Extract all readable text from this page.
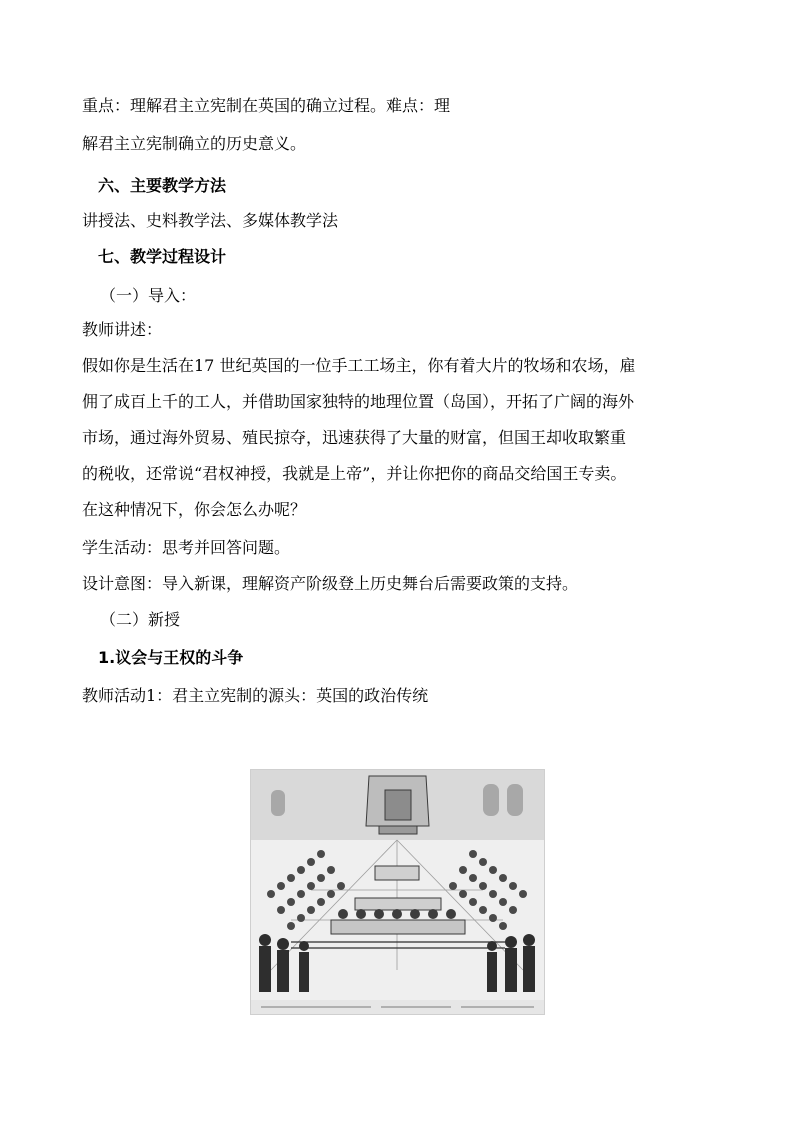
重点：理解君主立宪制在英国的确立过程。难点：理
解君主立宪制确立的历史意义。
六、主要教学方法
讲授法、史料教学法、多媒体教学法
七、教学过程设计
（一）导入：
教师讲述：
假如你是生活在17 世纪英国的一位手工工场主，你有着大片的牧场和农场，雇
佣了成百上千的工人，并借助国家独特的地理位置（岛国），开拓了广阔的海外
市场，通过海外贸易、殖民掠夺，迅速获得了大量的财富，但国王却收取繁重
的税收，还常说“君权神授，我就是上帝”，并让你把你的商品交给国王专卖。
在这种情况下，你会怎么办呢？
学生活动：思考并回答问题。
设计意图：导入新课，理解资产阶级登上历史舞台后需要政策的支持。
（二）新授
1.议会与王权的斗争
教师活动1：君主立宪制的源头：英国的政治传统
